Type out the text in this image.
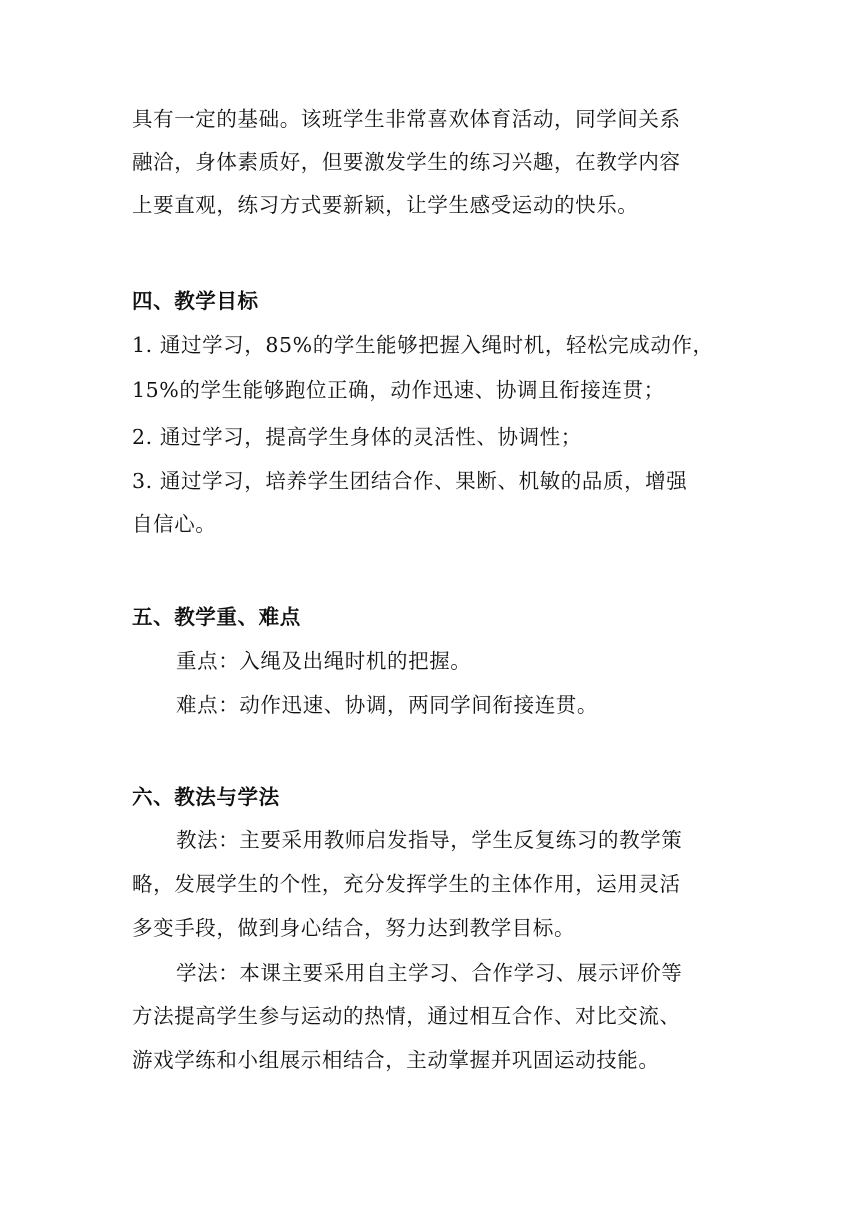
具有一定的基础。该班学生非常喜欢体育活动，同学间关系
融洽，身体素质好，但要激发学生的练习兴趣，在教学内容
上要直观，练习方式要新颖，让学生感受运动的快乐。
四、教学目标
1. 通过学习，85%的学生能够把握入绳时机，轻松完成动作，
15%的学生能够跑位正确，动作迅速、协调且衔接连贯；
2. 通过学习，提高学生身体的灵活性、协调性；
3. 通过学习，培养学生团结合作、果断、机敏的品质，增强
自信心。
五、教学重、难点
重点：入绳及出绳时机的把握。
难点：动作迅速、协调，两同学间衔接连贯。
六、教法与学法
教法：主要采用教师启发指导，学生反复练习的教学策
略，发展学生的个性，充分发挥学生的主体作用，运用灵活
多变手段，做到身心结合，努力达到教学目标。
学法：本课主要采用自主学习、合作学习、展示评价等
方法提高学生参与运动的热情，通过相互合作、对比交流、
游戏学练和小组展示相结合，主动掌握并巩固运动技能。
